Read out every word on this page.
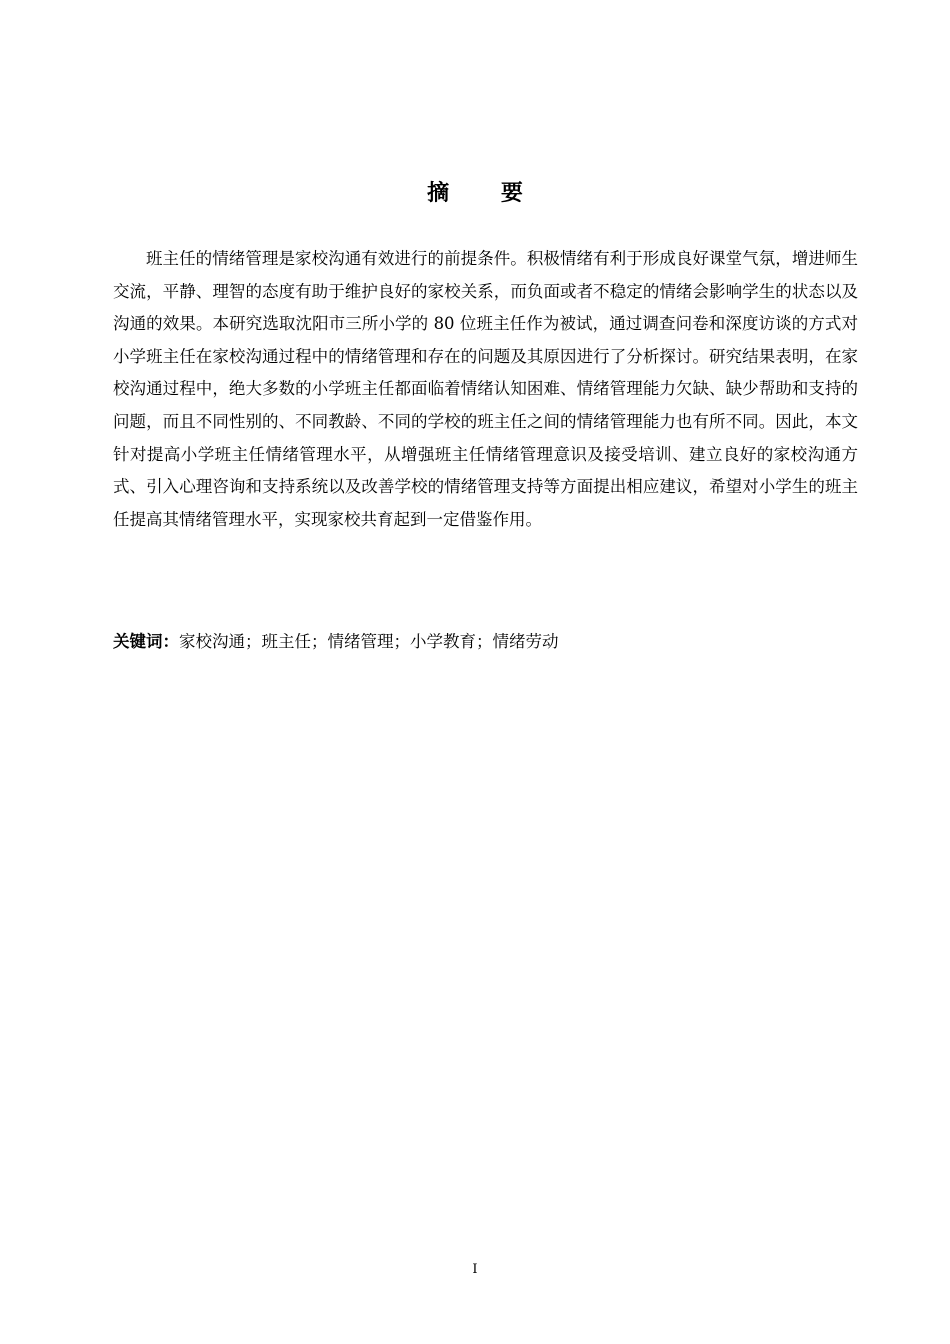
摘 要

班主任的情绪管理是家校沟通有效进行的前提条件。积极情绪有利于形成良好课堂气氛，增进师生交流，平静、理智的态度有助于维护良好的家校关系，而负面或者不稳定的情绪会影响学生的状态以及沟通的效果。本研究选取沈阳市三所小学的 80 位班主任作为被试，通过调查问卷和深度访谈的方式对小学班主任在家校沟通过程中的情绪管理和存在的问题及其原因进行了分析探讨。研究结果表明，在家校沟通过程中，绝大多数的小学班主任都面临着情绪认知困难、情绪管理能力欠缺、缺少帮助和支持的问题，而且不同性别的、不同教龄、不同的学校的班主任之间的情绪管理能力也有所不同。因此，本文针对提高小学班主任情绪管理水平，从增强班主任情绪管理意识及接受培训、建立良好的家校沟通方式、引入心理咨询和支持系统以及改善学校的情绪管理支持等方面提出相应建议，希望对小学生的班主任提高其情绪管理水平，实现家校共育起到一定借鉴作用。

关键词：家校沟通；班主任；情绪管理；小学教育；情绪劳动
I
